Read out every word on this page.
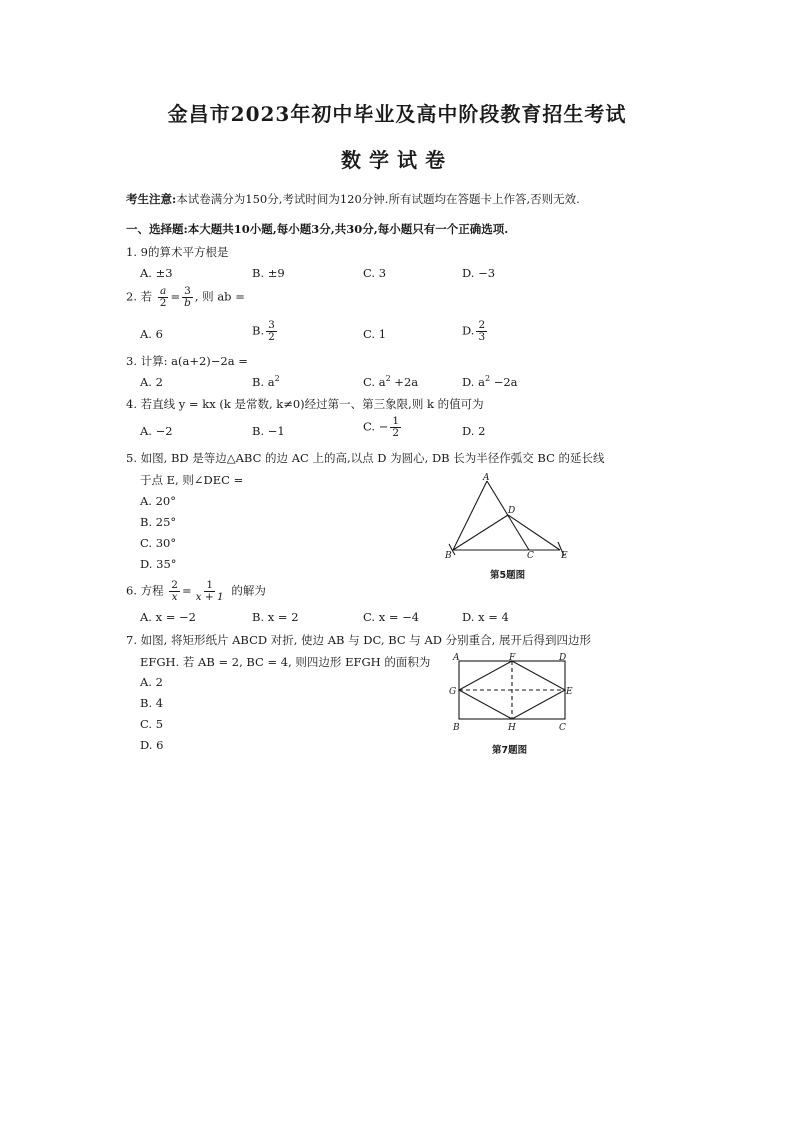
金昌市2023年初中毕业及高中阶段教育招生考试
数学试卷
考生注意:本试卷满分为150分,考试时间为120分钟.所有试题均在答题卡上作答,否则无效.
一、选择题:本大题共10小题,每小题3分,共30分,每小题只有一个正确选项.
1. 9的算术平方根是
A. ±3	B. ±9	C. 3	D. −3
2. 若 $\frac{a}{2} = \frac{3}{b}$ , 则 ab =
A. 6	B. $\frac{3}{2}$	C. 1	D. $\frac{2}{3}$
3. 计算: a(a+2)−2a =
A. 2	B. $a^2$	C. $a^2 +2a$	D. $a^2 -2a$
4. 若直线 y = kx (k 是常数, k≠0)经过第一、第三象限,则 k 的值可为
A. −2	B. −1	C. − $\frac{1}{2}$	D. 2
5. 如图, BD 是等边△ABC 的边 AC 上的高,以点 D 为圆心, DB 长为半径作弧交 BC 的延长线
于点 E, 则∠DEC =
A. 20°
B. 25°
C. 30°
D. 35°
A
B	C
D
E
第5题图
6. 方程 $\frac{2}{x} = \frac{1}{x + 1}$ 的解为
A. x = −2	B. x = 2	C. x = −4	D. x = 4
7. 如图, 将矩形纸片 ABCD 对折, 使边 AB 与 DC, BC 与 AD 分别重合, 展开后得到四边形
EFGH. 若 AB = 2, BC = 4, 则四边形 EFGH 的面积为
A. 2
B. 4
C. 5
D. 6
A	F	D
G	E
B	H	C
第7题图
